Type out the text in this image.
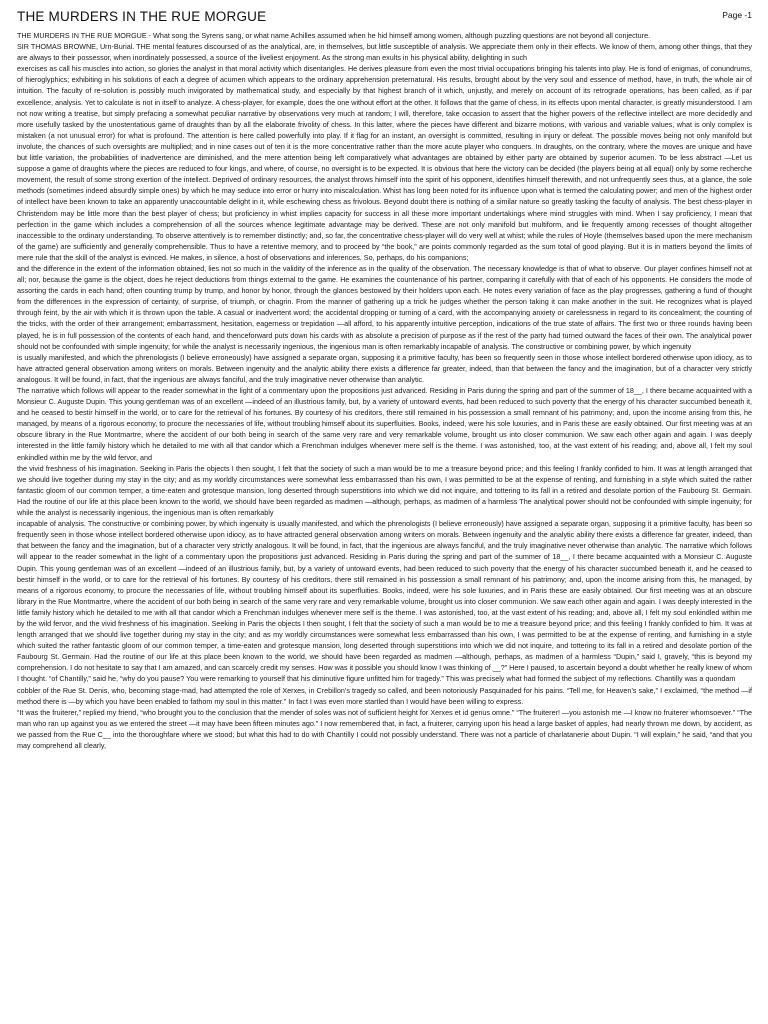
THE MURDERS IN THE RUE MORGUE	Page -1

THE MURDERS IN THE RUE MORGUE - What song the Syrens sang, or what name Achilles assumed when he hid himself among women, although puzzling questions are not beyond all conjecture.

SIR THOMAS BROWNE, Urn-Burial. THE mental features discoursed of as the analytical, are, in themselves, but little susceptible of analysis. We appreciate them only in their effects. We know of them, among other things, that they are always to their possessor, when inordinately possessed, a source of the liveliest enjoyment. As the strong man exults in his physical ability, delighting in such

exercises as call his muscles into action, so glories the analyst in that moral activity which disentangles. He derives pleasure from even the most trivial occupations bringing his talents into play. He is fond of enigmas, of conundrums, of hieroglyphics; exhibiting in his solutions of each a degree of acumen which appears to the ordinary apprehension preternatural. His results, brought about by the very soul and essence of method, have, in truth, the whole air of intuition. The faculty of re-solution is possibly much invigorated by mathematical study, and especially by that highest branch of it which, unjustly, and merely on account of its retrograde operations, has been called, as if par excellence, analysis. Yet to calculate is not in itself to analyze. A chess-player, for example, does the one without effort at the other. It follows that the game of chess, in its effects upon mental character, is greatly misunderstood. I am not now writing a treatise, but simply prefacing a somewhat peculiar narrative by observations very much at random; I will, therefore, take occasion to assert that the higher powers of the reflective intellect are more decidedly and more usefully tasked by the unostentatious game of draughts than by all the elaborate frivolity of chess. In this latter, where the pieces have different and bizarre motions, with various and variable values, what is only complex is mistaken (a not unusual error) for what is profound. The attention is here called powerfully into play. If it flag for an instant, an oversight is committed, resulting in injury or defeat. The possible moves being not only manifold but involute, the chances of such oversights are multiplied; and in nine cases out of ten it is the more concentrative rather than the more acute player who conquers. In draughts, on the contrary, where the moves are unique and have but little variation, the probabilities of inadvertence are diminished, and the mere attention being left comparatively what advantages are obtained by either party are obtained by superior acumen. To be less abstract —Let us suppose a game of draughts where the pieces are reduced to four kings, and where, of course, no oversight is to be expected. It is obvious that here the victory can be decided (the players being at all equal) only by some recherche movement, the result of some strong exertion of the intellect. Deprived of ordinary resources, the analyst throws himself into the spirit of his opponent, identifies himself therewith, and not unfrequently sees thus, at a glance, the sole methods (sometimes indeed absurdly simple ones) by which he may seduce into error or hurry into miscalculation. Whist has long been noted for its influence upon what is termed the calculating power; and men of the highest order of intellect have been known to take an apparently unaccountable delight in it, while eschewing chess as frivolous. Beyond doubt there is nothing of a similar nature so greatly tasking the faculty of analysis. The best chess-player in Christendom may be little more than the best player of chess; but proficiency in whist implies capacity for success in all these more important undertakings where mind struggles with mind. When I say proficiency, I mean that perfection in the game which includes a comprehension of all the sources whence legitimate advantage may be derived. These are not only manifold but multiform, and lie frequently among recesses of thought altogether inaccessible to the ordinary understanding. To observe attentively is to remember distinctly; and, so far, the concentrative chess-player will do very well at whist; while the rules of Hoyle (themselves based upon the mere mechanism of the game) are sufficiently and generally comprehensible. Thus to have a retentive memory, and to proceed by “the book,” are points commonly regarded as the sum total of good playing. But it is in matters beyond the limits of mere rule that the skill of the analyst is evinced. He makes, in silence, a host of observations and inferences. So, perhaps, do his companions;

and the difference in the extent of the information obtained, lies not so much in the validity of the inference as in the quality of the observation. The necessary knowledge is that of what to observe. Our player confines himself not at all; nor, because the game is the object, does he reject deductions from things external to the game. He examines the countenance of his partner, comparing it carefully with that of each of his opponents. He considers the mode of assorting the cards in each hand; often counting trump by trump, and honor by honor, through the glances bestowed by their holders upon each. He notes every variation of face as the play progresses, gathering a fund of thought from the differences in the expression of certainty, of surprise, of triumph, or chagrin. From the manner of gathering up a trick he judges whether the person taking it can make another in the suit. He recognizes what is played through feint, by the air with which it is thrown upon the table. A casual or inadvertent word; the accidental dropping or turning of a card, with the accompanying anxiety or carelessness in regard to its concealment; the counting of the tricks, with the order of their arrangement; embarrassment, hesitation, eagerness or trepidation —all afford, to his apparently intuitive perception, indications of the true state of affairs. The first two or three rounds having been played, he is in full possession of the contents of each hand, and thenceforward puts down his cards with as absolute a precision of purpose as if the rest of the party had turned outward the faces of their own. The analytical power should not be confounded with simple ingenuity; for while the analyst is necessarily ingenious, the ingenious man is often remarkably incapable of analysis. The constructive or combining power, by which ingenuity

is usually manifested, and which the phrenologists (I believe erroneously) have assigned a separate organ, supposing it a primitive faculty, has been so frequently seen in those whose intellect bordered otherwise upon idiocy, as to have attracted general observation among writers on morals. Between ingenuity and the analytic ability there exists a difference far greater, indeed, than that between the fancy and the imagination, but of a character very strictly analogous. It will be found, in fact, that the ingenious are always fanciful, and the truly imaginative never otherwise than analytic.

The narrative which follows will appear to the reader somewhat in the light of a commentary upon the propositions just advanced. Residing in Paris during the spring and part of the summer of 18__, I there became acquainted with a Monsieur C. Auguste Dupin. This young gentleman was of an excellent —indeed of an illustrious family, but, by a variety of untoward events, had been reduced to such poverty that the energy of his character succumbed beneath it, and he ceased to bestir himself in the world, or to care for the retrieval of his fortunes. By courtesy of his creditors, there still remained in his possession a small remnant of his patrimony; and, upon the income arising from this, he managed, by means of a rigorous economy, to procure the necessaries of life, without troubling himself about its superfluities. Books, indeed, were his sole luxuries, and in Paris these are easily obtained. Our first meeting was at an obscure library in the Rue Montmartre, where the accident of our both being in search of the same very rare and very remarkable volume, brought us into closer communion. We saw each other again and again. I was deeply interested in the little family history which he detailed to me with all that candor which a Frenchman indulges whenever mere self is the theme. I was astonished, too, at the vast extent of his reading; and, above all, I felt my soul enkindled within me by the wild fervor, and

the vivid freshness of his imagination. Seeking in Paris the objects I then sought, I felt that the society of such a man would be to me a treasure beyond price; and this feeling I frankly confided to him. It was at length arranged that we should live together during my stay in the city; and as my worldly circumstances were somewhat less embarrassed than his own, I was permitted to be at the expense of renting, and furnishing in a style which suited the rather fantastic gloom of our common temper, a time-eaten and grotesque mansion, long deserted through superstitions into which we did not inquire, and tottering to its fall in a retired and desolate portion of the Faubourg St. Germain. Had the routine of our life at this place been known to the world, we should have been regarded as madmen —although, perhaps, as madmen of a harmless The analytical power should not be confounded with simple ingenuity; for while the analyst is necessarily ingenious, the ingenious man is often remarkably

incapable of analysis. The constructive or combining power, by which ingenuity is usually manifested, and which the phrenologists (I believe erroneously) have assigned a separate organ, supposing it a primitive faculty, has been so frequently seen in those whose intellect bordered otherwise upon idiocy, as to have attracted general observation among writers on morals. Between ingenuity and the analytic ability there exists a difference far greater, indeed, than that between the fancy and the imagination, but of a character very strictly analogous. It will be found, in fact, that the ingenious are always fanciful, and the truly imaginative never otherwise than analytic. The narrative which follows will appear to the reader somewhat in the light of a commentary upon the propositions just advanced. Residing in Paris during the spring and part of the summer of 18__, I there became acquainted with a Monsieur C. Auguste Dupin. This young gentleman was of an excellent —indeed of an illustrious family, but, by a variety of untoward events, had been reduced to such poverty that the energy of his character succumbed beneath it, and he ceased to bestir himself in the world, or to care for the retrieval of his fortunes. By courtesy of his creditors, there still remained in his possession a small remnant of his patrimony; and, upon the income arising from this, he managed, by means of a rigorous economy, to procure the necessaries of life, without troubling himself about its superfluities. Books, indeed, were his sole luxuries, and in Paris these are easily obtained. Our first meeting was at an obscure library in the Rue Montmartre, where the accident of our both being in search of the same very rare and very remarkable volume, brought us into closer communion. We saw each other again and again. I was deeply interested in the little family history which he detailed to me with all that candor which a Frenchman indulges whenever mere self is the theme. I was astonished, too, at the vast extent of his reading; and, above all, I felt my soul enkindled within me by the wild fervor, and the vivid freshness of his imagination. Seeking in Paris the objects I then sought, I felt that the society of such a man would be to me a treasure beyond price; and this feeling I frankly confided to him. It was at length arranged that we should live together during my stay in the city; and as my worldly circumstances were somewhat less embarrassed than his own, I was permitted to be at the expense of renting, and furnishing in a style which suited the rather fantastic gloom of our common temper, a time-eaten and grotesque mansion, long deserted through superstitions into which we did not inquire, and tottering to its fall in a retired and desolate portion of the Faubourg St. Germain. Had the routine of our life at this place been known to the world, we should have been regarded as madmen —although, perhaps, as madmen of a harmless “Dupin,” said I, gravely, “this is beyond my comprehension. I do not hesitate to say that I am amazed, and can scarcely credit my senses. How was it possible you should know I was thinking of __?” Here I paused, to ascertain beyond a doubt whether he really knew of whom I thought. “of Chantilly,” said he, “why do you pause? You were remarking to yourself that his diminutive figure unfitted him for tragedy.” This was precisely what had formed the subject of my reflections. Chantilly was a quondam

cobbler of the Rue St. Denis, who, becoming stage-mad, had attempted the role of Xerxes, in Crebillon’s tragedy so called, and been notoriously Pasquinaded for his pains. “Tell me, for Heaven’s sake,” I exclaimed, “the method —if method there is —by which you have been enabled to fathom my soul in this matter.” In fact I was even more startled than I would have been willing to express.

“It was the fruiterer,” replied my friend, “who brought you to the conclusion that the mender of soles was not of sufficient height for Xerxes et id genus omne.” “The fruiterer! —you astonish me —I know no fruiterer whomsoever.” “The man who ran up against you as we entered the street —it may have been fifteen minutes ago.” I now remembered that, in fact, a fruiterer, carrying upon his head a large basket of apples, had nearly thrown me down, by accident, as we passed from the Rue C__ into the thoroughfare where we stood; but what this had to do with Chantilly I could not possibly understand. There was not a particle of charlatanerie about Dupin. “I will explain,” he said, “and that you may comprehend all clearly,
